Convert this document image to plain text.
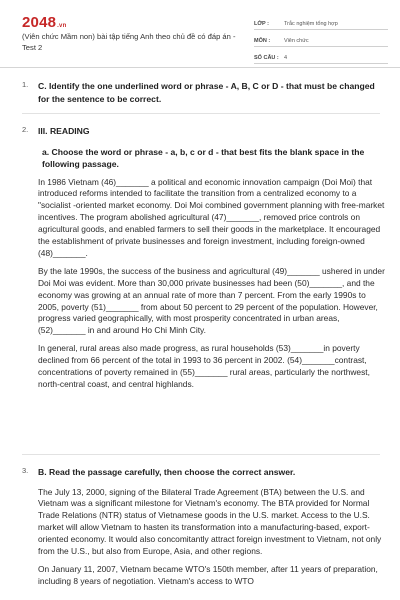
2048.vn
(Viên chức Mầm non) bài tập tiếng Anh theo chủ đề có đáp án - Test 2
LỚP :	Trắc nghiệm tổng hợp
MÔN :	Viên chức
SỐ CÂU : 4
1. C. Identify the one underlined word or phrase - A, B, C or D - that must be changed for the sentence to be correct.
2. III. READING
a. Choose the word or phrase - a, b, c or d - that best fits the blank space in the following passage.

In 1986 Vietnam (46)_______ a political and economic innovation campaign (Doi Moi) that introduced reforms intended to facilitate the transition from a centralized economy to a "socialist -oriented market economy. Doi Moi combined government planning with free-market incentives. The program abolished agricultural (47)_______, removed price controls on agricultural goods, and enabled farmers to sell their goods in the marketplace. It encouraged the establishment of private businesses and foreign investment, including foreign-owned (48)_______.

By the late 1990s, the success of the business and agricultural (49)_______ ushered in under Doi Moi was evident. More than 30,000 private businesses had been (50)_______, and the economy was growing at an annual rate of more than 7 percent. From the early 1990s to 2005, poverty (51)_______ from about 50 percent to 29 percent of the population. However, progress varied geographically, with most prosperity concentrated in urban areas, (52)_______ in and around Ho Chi Minh City.

In general, rural areas also made progress, as rural households (53)_______in poverty declined from 66 percent of the total in 1993 to 36 percent in 2002. (54)_______contrast, concentrations of poverty remained in (55)_______ rural areas, particularly the northwest, north-central coast, and central highlands.

3. B. Read the passage carefully, then choose the correct answer.

The July 13, 2000, signing of the Bilateral Trade Agreement (BTA) between the U.S. and Vietnam was a significant milestone for Vietnam's economy. The BTA provided for Normal Trade Relations (NTR) status of Vietnamese goods in the U.S. market. Access to the U.S. market will allow Vietnam to hasten its transformation into a manufacturing-based, export-oriented economy. It would also concomitantly attract foreign investment to Vietnam, not only from the U.S., but also from Europe, Asia, and other regions.

On January 11, 2007, Vietnam became WTO's 150th member, after 11 years of preparation, including 8 years of negotiation. Vietnam's access to WTO
